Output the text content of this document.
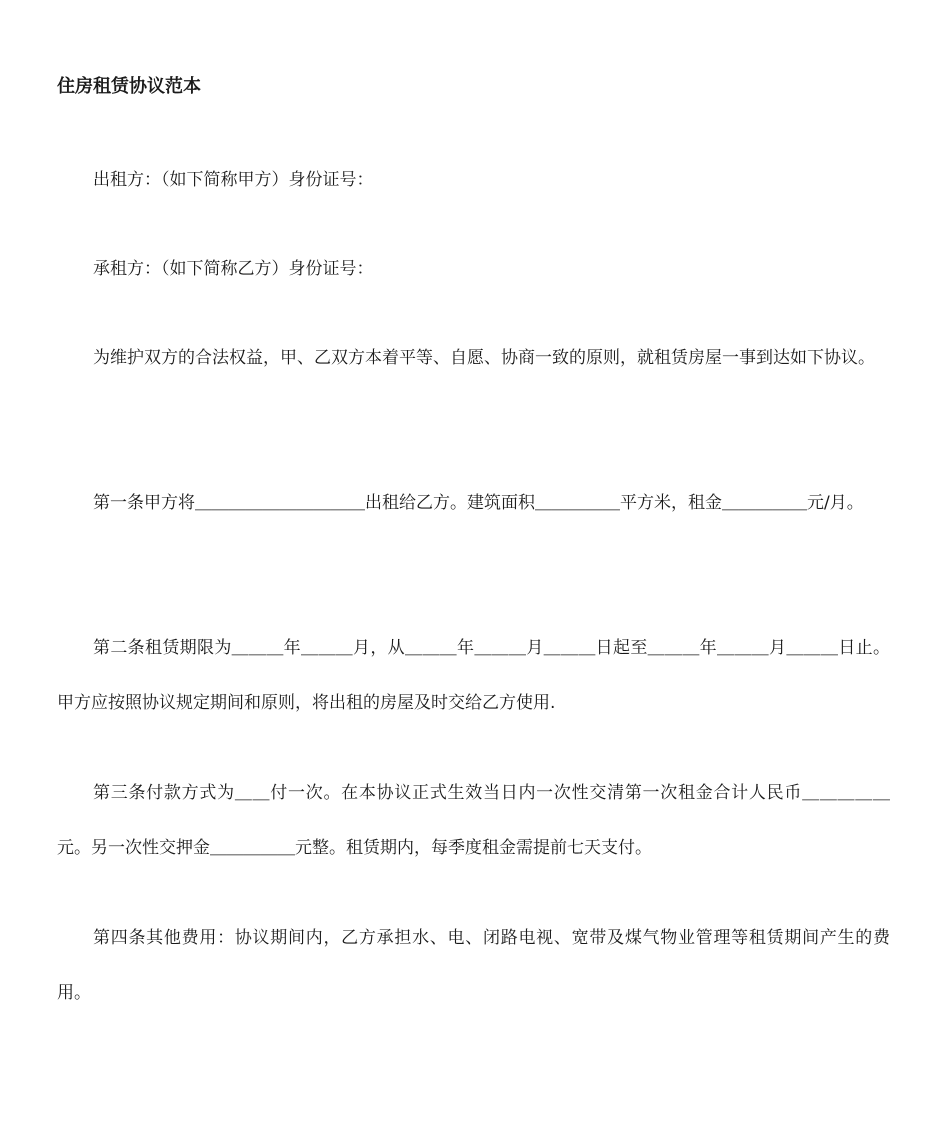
住房租赁协议范本

出租方：（如下简称甲方）身份证号：

承租方：（如下简称乙方）身份证号：

为维护双方的合法权益，甲、乙双方本着平等、自愿、协商一致的原则，就租赁房屋一事到达如下协议。

第一条甲方将＿＿＿＿＿＿＿＿＿＿出租给乙方。建筑面积＿＿＿＿＿平方米，租金＿＿＿＿＿元/月。

第二条租赁期限为＿＿＿年＿＿＿月，从＿＿＿年＿＿＿月＿＿＿日起至＿＿＿年＿＿＿月＿＿＿日止。甲方应按照协议规定期间和原则，将出租的房屋及时交给乙方使用.

第三条付款方式为＿＿付一次。在本协议正式生效当日内一次性交清第一次租金合计人民币＿＿＿＿＿元。另一次性交押金＿＿＿＿＿元整。租赁期内，每季度租金需提前七天支付。

第四条其他费用：协议期间内，乙方承担水、电、闭路电视、宽带及煤气物业管理等租赁期间产生的费用。
